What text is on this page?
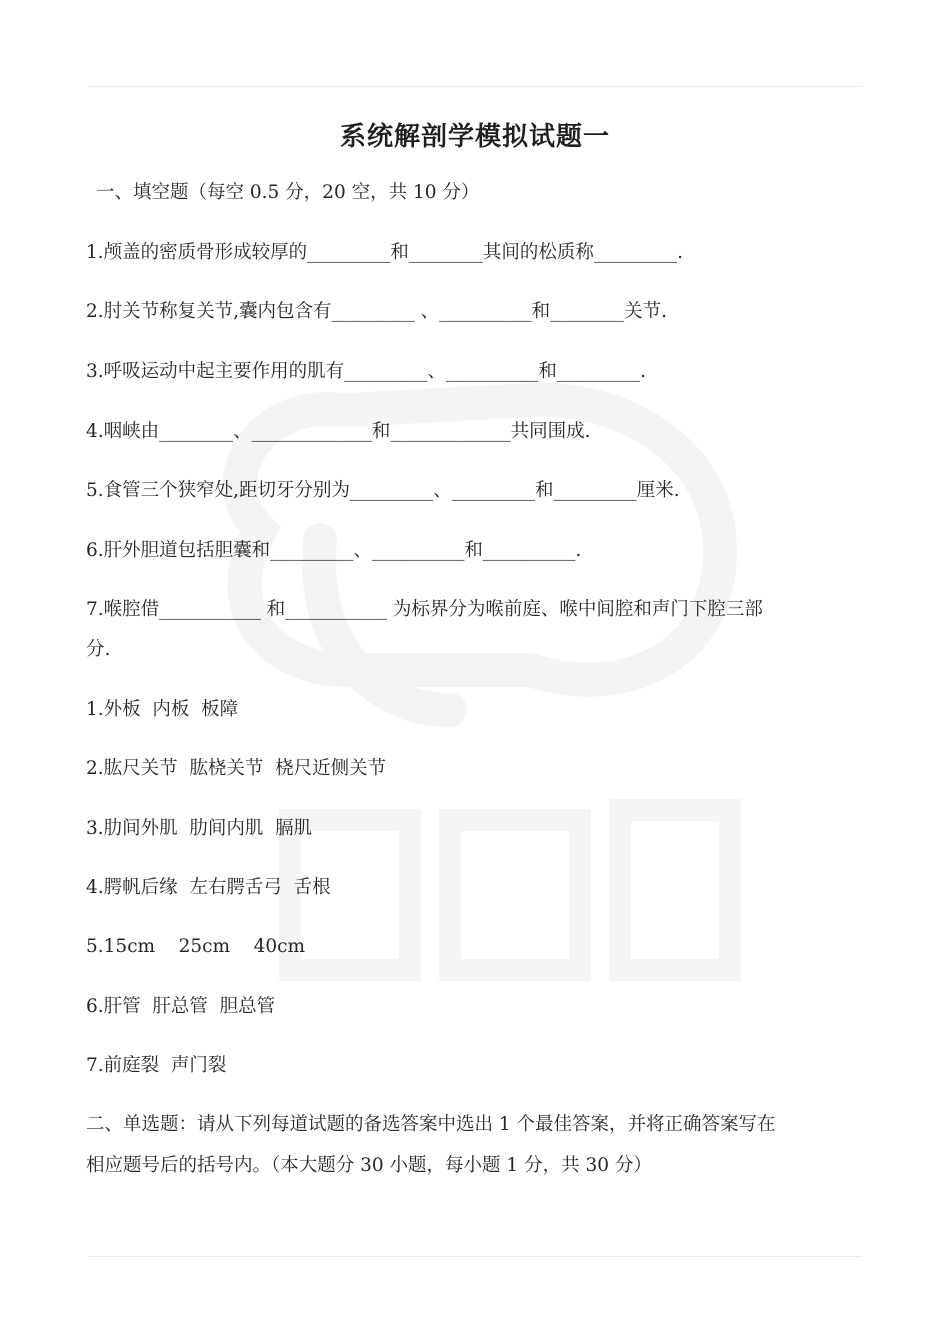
系统解剖学模拟试题一
一、填空题（每空 0.5 分，20 空，共 10 分）
1.颅盖的密质骨形成较厚的_________和________其间的松质称_________.
2.肘关节称复关节,囊内包含有_________ 、__________和________关节.
3.呼吸运动中起主要作用的肌有_________、__________和_________.
4.咽峡由________、_____________和_____________共同围成.
5.食管三个狭窄处,距切牙分别为_________、_________和_________厘米.
6.肝外胆道包括胆囊和_________、__________和__________.
7.喉腔借___________ 和___________ 为标界分为喉前庭、喉中间腔和声门下腔三部
分.
1.外板  内板  板障
2.肱尺关节  肱桡关节  桡尺近侧关节
3.肋间外肌  肋间内肌  膈肌
4.腭帆后缘  左右腭舌弓  舌根
5.15cm    25cm    40cm
6.肝管  肝总管  胆总管
7.前庭裂  声门裂
二、单选题：请从下列每道试题的备选答案中选出 1 个最佳答案，并将正确答案写在
相应题号后的括号内。（本大题分 30 小题，每小题 1 分，共 30 分）
